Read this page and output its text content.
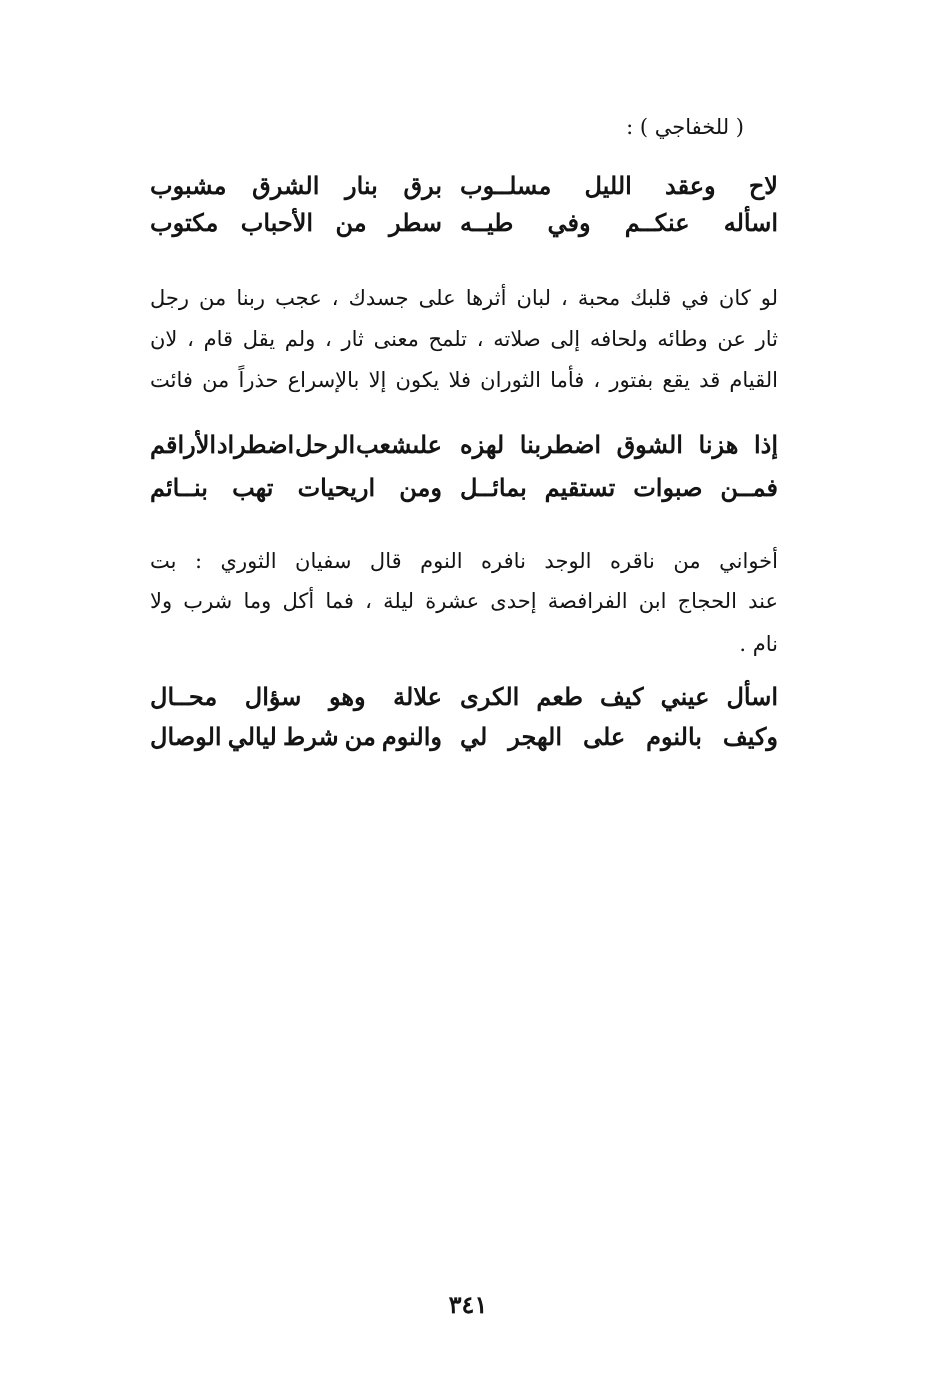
( للخفاجي ) :
لاح
وعقد
الليل
مسلــوب
برق
بنار
الشرق
مشبوب
اسأله
عنكــم
وفي
طيــه
سطر
من
الأحباب
مكتوب
لو كان في قلبك محبة ، لبان أثرها على جسدك ، عجب ربنا من رجل
ثار عن وطائه ولحافه إلى صلاته ، تلمح معنى ثار ، ولم يقل قام ، لان
القيام قد يقع بفتور ، فأما الثوران فلا يكون إلا بالإسراع حذراً من فائت
إذا
هزنا
الشوق
اضطربنا
لهزه
علىشعب
الرحل
اضطراد
الأراقم
فمــن
صبوات
تستقيم
بمائــل
ومن
اريحيات
تهب
بنــائم
أخواني من ناقره الوجد نافره النوم قال سفيان الثوري : بت
عند الحجاج ابن الفرافصة إحدى عشرة ليلة ، فما أكل وما شرب ولا
نام .
اسأل
عيني
كيف
طعم
الكرى
علالة
وهو
سؤال
محــال
وكيف
بالنوم
على
الهجر
لي
والنوم
من
شرط
ليالي
الوصال
٣٤١
